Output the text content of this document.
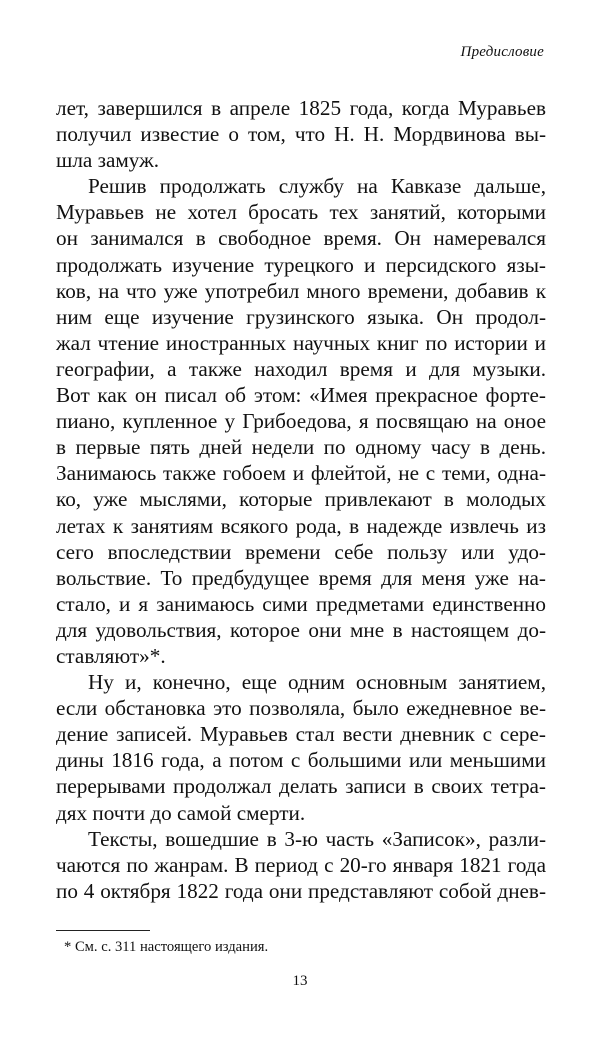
Предисловие
лет, завершился в апреле 1825 года, когда Муравьев
получил известие о том, что Н. Н. Мордвинова вы-
шла замуж.
Решив продолжать службу на Кавказе дальше,
Муравьев не хотел бросать тех занятий, которыми
он занимался в свободное время. Он намеревался
продолжать изучение турецкого и персидского язы-
ков, на что уже употребил много времени, добавив к
ним еще изучение грузинского языка. Он продол-
жал чтение иностранных научных книг по истории и
географии, а также находил время и для музыки.
Вот как он писал об этом: «Имея прекрасное форте-
пиано, купленное у Грибоедова, я посвящаю на оное
в первые пять дней недели по одному часу в день.
Занимаюсь также гобоем и флейтой, не с теми, однa-
ко, уже мыслями, которые привлекают в молодых
летах к занятиям всякого рода, в надежде извлечь из
сего впоследствии времени себе пользу или удо-
вольствие. То предбудущее время для меня уже на-
стало, и я занимаюсь сими предметами единственно
для удовольствия, которое они мне в настоящем до-
ставляют»*.
Ну и, конечно, еще одним основным занятием,
если обстановка это позволяла, было ежедневное ве-
дение записей. Муравьев стал вести дневник с сере-
дины 1816 года, а потом с большими или меньшими
перерывами продолжал делать записи в своих тетра-
дях почти до самой смерти.
Тексты, вошедшие в 3-ю часть «Записок», разли-
чаются по жанрам. В период с 20-го января 1821 года
по 4 октября 1822 года они представляют собой днев-
* См. с. 311 настоящего издания.
13
